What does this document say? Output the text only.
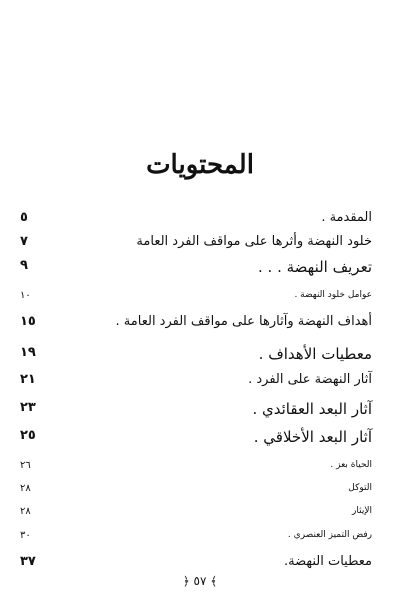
المحتويات
المقدمة .
٥
خلود النهضة وأثرها على مواقف الفرد العامة
٧
تعريف النهضة . . .
٩
عوامل خلود النهضة .
١٠
أهداف النهضة وآثارها على مواقف الفرد العامة .
١٥
معطيات الأهداف .
١٩
آثار النهضة على الفرد .
٢١
آثار البعد العقائدي .
٢٣
آثار البعد الأخلاقي .
٢٥
الحياة بعز .
٢٦
التوكل
٢٨
الإيثار
٢٨
رفض التميز العنصري .
٣٠
معطيات النهضة.
٣٧
﴾ ٥٧ ﴿
